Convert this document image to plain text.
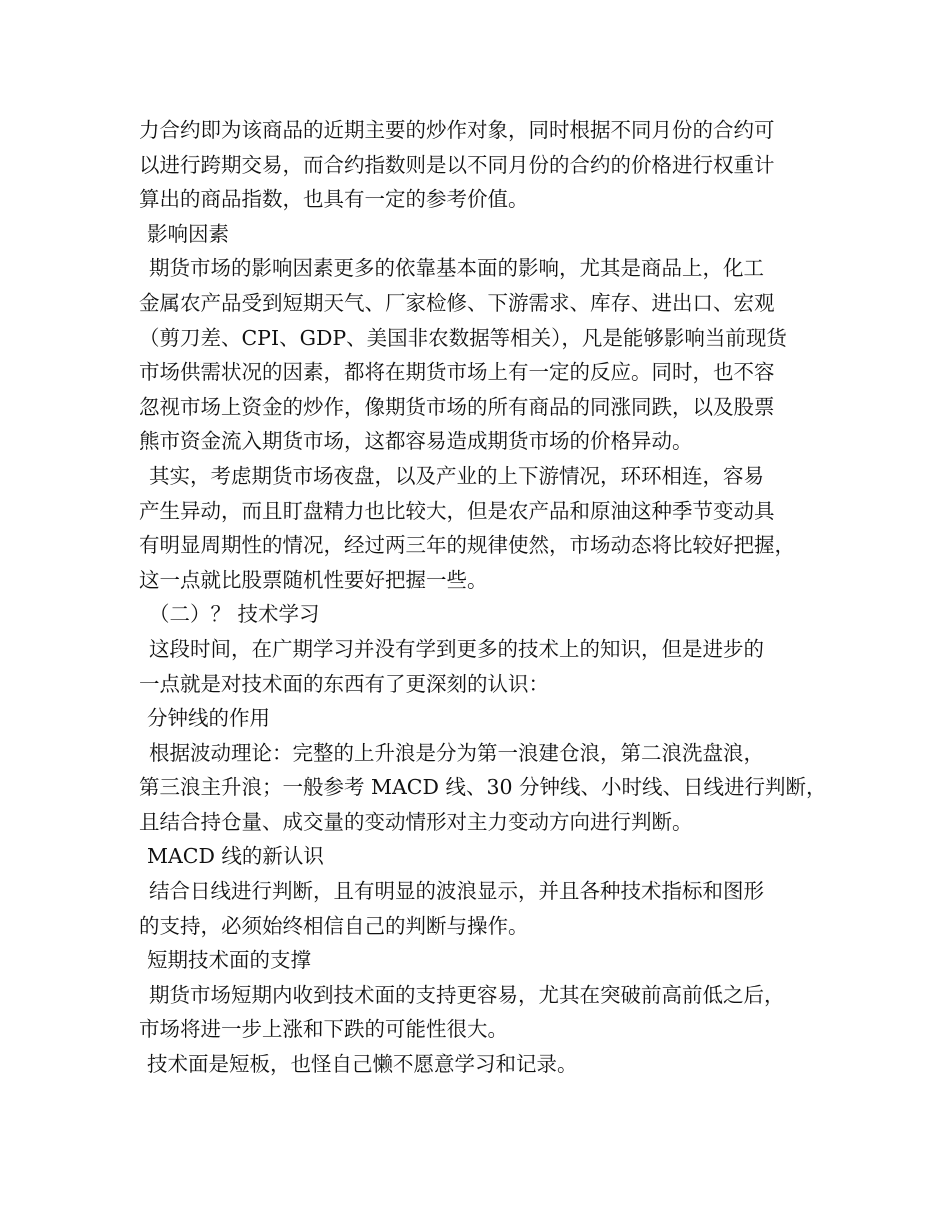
力合约即为该商品的近期主要的炒作对象，同时根据不同月份的合约可

以进行跨期交易，而合约指数则是以不同月份的合约的价格进行权重计

算出的商品指数，也具有一定的参考价值。

影响因素

期货市场的影响因素更多的依靠基本面的影响，尤其是商品上，化工

金属农产品受到短期天气、厂家检修、下游需求、库存、进出口、宏观

（剪刀差、CPI、GDP、美国非农数据等相关），凡是能够影响当前现货

市场供需状况的因素，都将在期货市场上有一定的反应。同时，也不容

忽视市场上资金的炒作，像期货市场的所有商品的同涨同跌，以及股票

熊市资金流入期货市场，这都容易造成期货市场的价格异动。

其实，考虑期货市场夜盘，以及产业的上下游情况，环环相连，容易

产生异动，而且盯盘精力也比较大，但是农产品和原油这种季节变动具

有明显周期性的情况，经过两三年的规律使然，市场动态将比较好把握，

这一点就比股票随机性要好把握一些。

（二）？ 技术学习

这段时间，在广期学习并没有学到更多的技术上的知识，但是进步的

一点就是对技术面的东西有了更深刻的认识：

分钟线的作用

根据波动理论：完整的上升浪是分为第一浪建仓浪，第二浪洗盘浪，

第三浪主升浪；一般参考 MACD 线、30 分钟线、小时线、日线进行判断，

且结合持仓量、成交量的变动情形对主力变动方向进行判断。

MACD 线的新认识

结合日线进行判断，且有明显的波浪显示，并且各种技术指标和图形

的支持，必须始终相信自己的判断与操作。

短期技术面的支撑

期货市场短期内收到技术面的支持更容易，尤其在突破前高前低之后，

市场将进一步上涨和下跌的可能性很大。

技术面是短板，也怪自己懒不愿意学习和记录。
